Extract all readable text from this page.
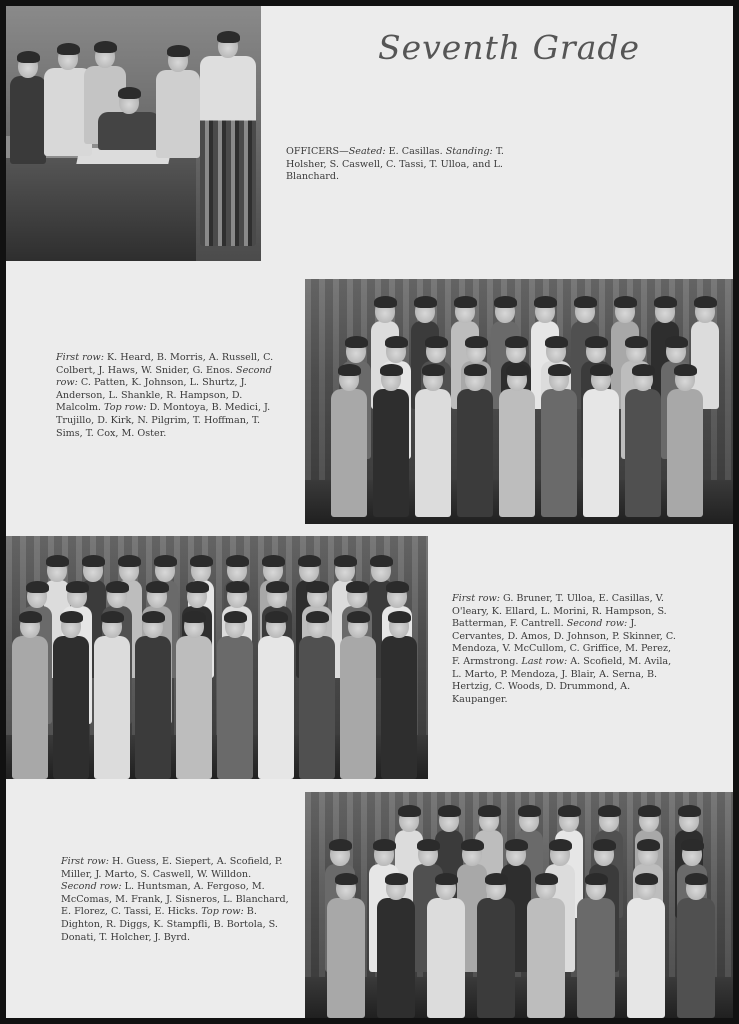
Seventh Grade
OFFICERS—Seated: E. Casillas. Standing: T. Holsher, S. Caswell, C. Tassi, T. Ulloa, and L. Blanchard.
First row: K. Heard, B. Morris, A. Russell, C. Colbert, J. Haws, W. Snider, G. Enos. Second row: C. Patten, K. Johnson, L. Shurtz, J. Anderson, L. Shankle, R. Hampson, D. Malcolm. Top row: D. Montoya, B. Medici, J. Trujillo, D. Kirk, N. Pilgrim, T. Hoffman, T. Sims, T. Cox, M. Oster.
First row: G. Bruner, T. Ulloa, E. Casillas, V. O'leary, K. Ellard, L. Morini, R. Hampson, S. Batterman, F. Cantrell. Second row: J. Cervantes, D. Amos, D. Johnson, P. Skinner, C. Mendoza, V. McCullom, C. Griffice, M. Perez, F. Armstrong. Last row: A. Scofield, M. Avila, L. Marto, P. Mendoza, J. Blair, A. Serna, B. Hertzig, C. Woods, D. Drummond, A. Kaupanger.
First row: H. Guess, E. Siepert, A. Scofield, P. Miller, J. Marto, S. Caswell, W. Willdon. Second row: L. Huntsman, A. Fergoso, M. McComas, M. Frank, J. Sisneros, L. Blanchard, E. Florez, C. Tassi, E. Hicks. Top row: B. Dighton, R. Diggs, K. Stampfli, B. Bortola, S. Donati, T. Holcher, J. Byrd.
